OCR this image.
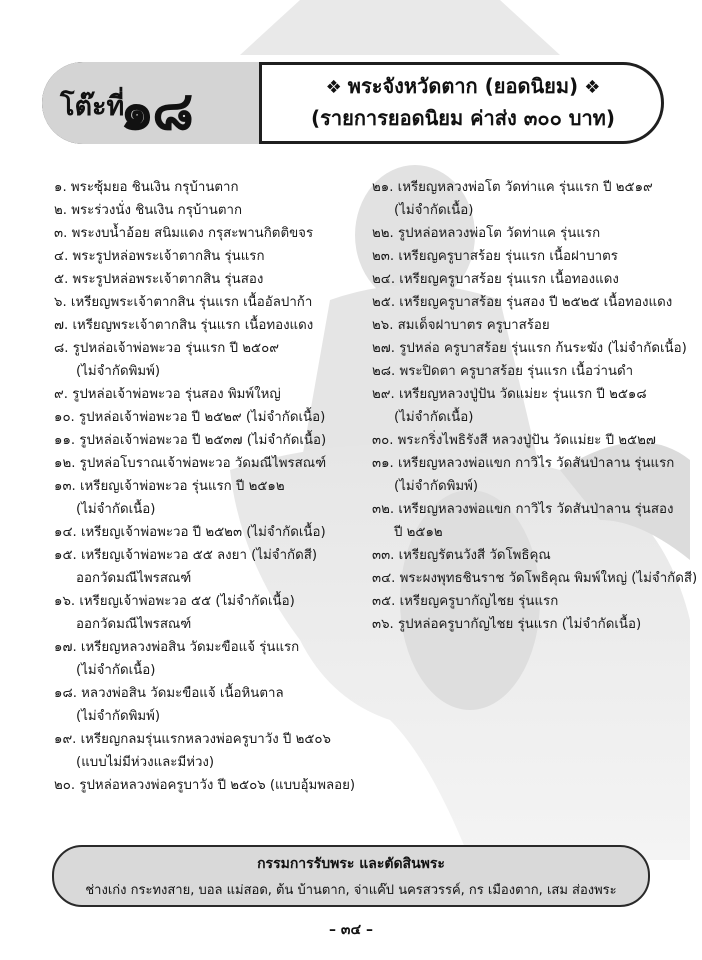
โต๊ะที่
๑๘	❖ พระจังหวัดตาก (ยอดนิยม) ❖
(รายการยอดนิยม ค่าส่ง ๓๐๐ บาท)
๑. พระซุ้มยอ ชินเงิน กรุบ้านตาก
๒. พระร่วงนั่ง ชินเงิน กรุบ้านตาก
๓. พระงบน้ำอ้อย สนิมแดง กรุสะพานกิตติขจร
๔. พระรูปหล่อพระเจ้าตากสิน รุ่นแรก
๕. พระรูปหล่อพระเจ้าตากสิน รุ่นสอง
๖. เหรียญพระเจ้าตากสิน รุ่นแรก เนื้ออัลปาก้า
๗. เหรียญพระเจ้าตากสิน รุ่นแรก เนื้อทองแดง
๘. รูปหล่อเจ้าพ่อพะวอ รุ่นแรก ปี ๒๕๐๙
(ไม่จำกัดพิมพ์)
๙. รูปหล่อเจ้าพ่อพะวอ รุ่นสอง พิมพ์ใหญ่
๑๐. รูปหล่อเจ้าพ่อพะวอ ปี ๒๕๒๙ (ไม่จำกัดเนื้อ)
๑๑. รูปหล่อเจ้าพ่อพะวอ ปี ๒๕๓๗ (ไม่จำกัดเนื้อ)
๑๒. รูปหล่อโบราณเจ้าพ่อพะวอ วัดมณีไพรสณฑ์
๑๓. เหรียญเจ้าพ่อพะวอ รุ่นแรก ปี ๒๕๑๒
(ไม่จำกัดเนื้อ)
๑๔. เหรียญเจ้าพ่อพะวอ ปี ๒๕๒๓ (ไม่จำกัดเนื้อ)
๑๕. เหรียญเจ้าพ่อพะวอ ๕๕ ลงยา (ไม่จำกัดสี)
ออกวัดมณีไพรสณฑ์
๑๖. เหรียญเจ้าพ่อพะวอ ๕๕ (ไม่จำกัดเนื้อ)
ออกวัดมณีไพรสณฑ์
๑๗. เหรียญหลวงพ่อสิน วัดมะขือแจ้ รุ่นแรก
(ไม่จำกัดเนื้อ)
๑๘. หลวงพ่อสิน วัดมะขือแจ้ เนื้อหินตาล
(ไม่จำกัดพิมพ์)
๑๙. เหรียญกลมรุ่นแรกหลวงพ่อครูบาวัง ปี ๒๕๐๖
(แบบไม่มีห่วงและมีห่วง)
๒๐. รูปหล่อหลวงพ่อครูบาวัง ปี ๒๕๐๖ (แบบอุ้มพลอย)
๒๑. เหรียญหลวงพ่อโต วัดท่าแค รุ่นแรก ปี ๒๕๑๙
(ไม่จำกัดเนื้อ)
๒๒. รูปหล่อหลวงพ่อโต วัดท่าแค รุ่นแรก
๒๓. เหรียญครูบาสร้อย รุ่นแรก เนื้อฝาบาตร
๒๔. เหรียญครูบาสร้อย รุ่นแรก เนื้อทองแดง
๒๕. เหรียญครูบาสร้อย รุ่นสอง ปี ๒๕๒๕ เนื้อทองแดง
๒๖. สมเด็จฝาบาตร ครูบาสร้อย
๒๗. รูปหล่อ ครูบาสร้อย รุ่นแรก ก้นระฆัง (ไม่จำกัดเนื้อ)
๒๘. พระปิดตา ครูบาสร้อย รุ่นแรก เนื้อว่านดำ
๒๙. เหรียญหลวงปู่ปัน วัดแม่ยะ รุ่นแรก ปี ๒๕๑๘
(ไม่จำกัดเนื้อ)
๓๐. พระกริ่งไพธิรังสี หลวงปู่ปัน วัดแม่ยะ ปี ๒๕๒๗
๓๑. เหรียญหลวงพ่อแขก กาวิไร วัดสันป่าลาน รุ่นแรก
(ไม่จำกัดพิมพ์)
๓๒. เหรียญหลวงพ่อแขก กาวิไร วัดสันป่าลาน รุ่นสอง
ปี ๒๕๑๒
๓๓. เหรียญรัตนวังสี วัดโพธิคุณ
๓๔. พระผงพุทธชินราช วัดโพธิคุณ พิมพ์ใหญ่ (ไม่จำกัดสี)
๓๕. เหรียญครูบากัญไชย รุ่นแรก
๓๖. รูปหล่อครูบากัญไชย รุ่นแรก (ไม่จำกัดเนื้อ)
กรรมการรับพระ และตัดสินพระ
ช่างเก่ง กระทงสาย, บอล แม่สอด, ต้น บ้านตาก, จ่าแค๊ป นครสวรรค์, กร เมืองตาก, เสม ส่องพระ
– ๓๔ –
